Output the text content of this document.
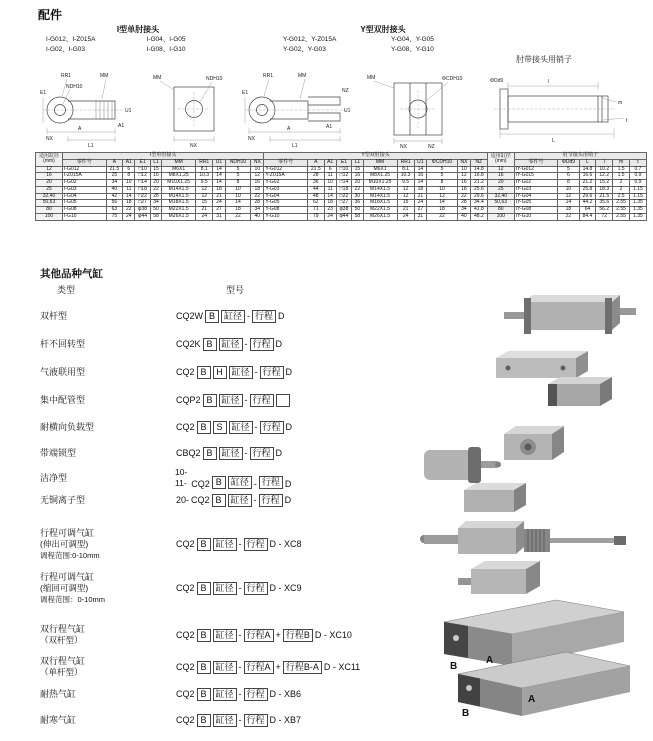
配件
I型单肘接头	Y型双肘接头
I-G012、I-Z015A	I-G04、I-G05
I-G02、I-G03	I-G08、I-G10
Y-G012、Y-Z015A	Y-G04、Y-G05
Y-G02、Y-G03	Y-G08、Y-G10
肘带接头用销子
MM
RR1
E1
A1
A
L1
NX
U1
NDH10
MM	NDH10
NX
MM
RR1
E1
A1
A
L1
NX
U1
NZ
MM	ΦCDH10
NX	NZ
ΦDd9	l
L
m
t
适用缸径(mm)	I型单肘接头										Y型双肘接头											适用缸径(mm)	肘节接头用销子					
	零件号	A	A1	E1	L1	MM	RR1	U1	NDH10	NX	零件号	A	A1	E1	L1	MM	RR1	U1	ΦCDH10	NX	NZ		零件号	ΦDd9	L	l	m	t
12	I-G012	21.5	6	□10	15	M6X1	8.1	14	5	10	Y-G012	21.5	6	□10	15	M6X1	8.1	14	5	10	14.8	12	IY-G012	5	14.8	10.2	1.5	0.7
16	I-Z015A	25	8	□12	16	M8X1.25	10.3	14	5	12	Y-Z015A	28	11	□12	16	M8X1.25	10.3	16	5	12	16.8	16	IY-G015	6	16.6	12.2	1.5	0.9
20	I-G02	34	10	□14	20	M10X1.25	9.5	14	8	16	Y-G02	36	10	□14	20	M10X1.25	9.5	14	8	16	21.2	20	IY-G02	8	21.2	15.2	2	0.9
25	I-G03	40	11	□18	22	M14X1.5	12	18	10	18	Y-G03	44	11	□18	22	M14X1.5	12	18	10	18	25.6	25	IY-G03	10	25.8	18.3	2	1.15
32,40	I-G04	42	14	□22	28	M14X1.5	12	21	10	22	Y-G04	48	14	□22	30	M14X1.5	12	21	12	22	29.6	32,40	IY-G04	12	29.6	21.5	2.5	1.15
50,63	I-G05	56	18	□27	34	M18X1.5	15	24	14	28	Y-G05	62	18	□27	36	M18X1.5	15	24	14	28	34.4	50,63	IY-G05	14	44.2	35.6	2.55	1.35
80	I-G08	63	22	φ38	50	M22X1.5	21	27	18	34	Y-G08	71	23	φ38	50	M22X1.5	21	27	18	34	41.8	80	IY-G08	18	64	56.2	2.55	1.35
100	I-G10	75	24	φ44	58	M26X1.5	24	31	22	40	Y-G10	79	24	φ44	58	M26X1.5	24	31	22	40	48.2	100	IY-G10	22	84.4	72	2.55	1.35
其他品种气缸
类型	型号
双杆型	CQ2W B	缸径 - 行程 D
杆不回转型	CQ2K B	缸径 - 行程 D
气液联用型	CQ2 B	H 缸径 - 行程 D
集中配管型	CQP2 B	缸径 - 行程
耐横向负载型	CQ2 B	S	缸径 - 行程 D
带端锁型	CBQ2 B	缸径 - 行程 D
洁净型
10-
11- CQ2 B	缸径 - 行程 D
无铜离子型	20- CQ2 B	缸径 - 行程 D
行程可调气缸
(伸出可调型)
调程范围:0-10mm
CQ2 B	缸径 - 行程 D - XC8
行程可调气缸
(缩回可调型)
调程范围：0-10mm
CQ2 B	缸径 - 行程 D - XC9
双行程气缸
（双杆型）
CQ2 B	缸径 - 行程A + 行程B D - XC10
双行程气缸
（单杆型）
CQ2 B	缸径 - 行程A + 行程B-A D - XC11
耐热气缸	CQ2 B	缸径 - 行程 D - XB6
耐寒气缸	CQ2 B	缸径 - 行程 D - XB7
B
A
B
A
